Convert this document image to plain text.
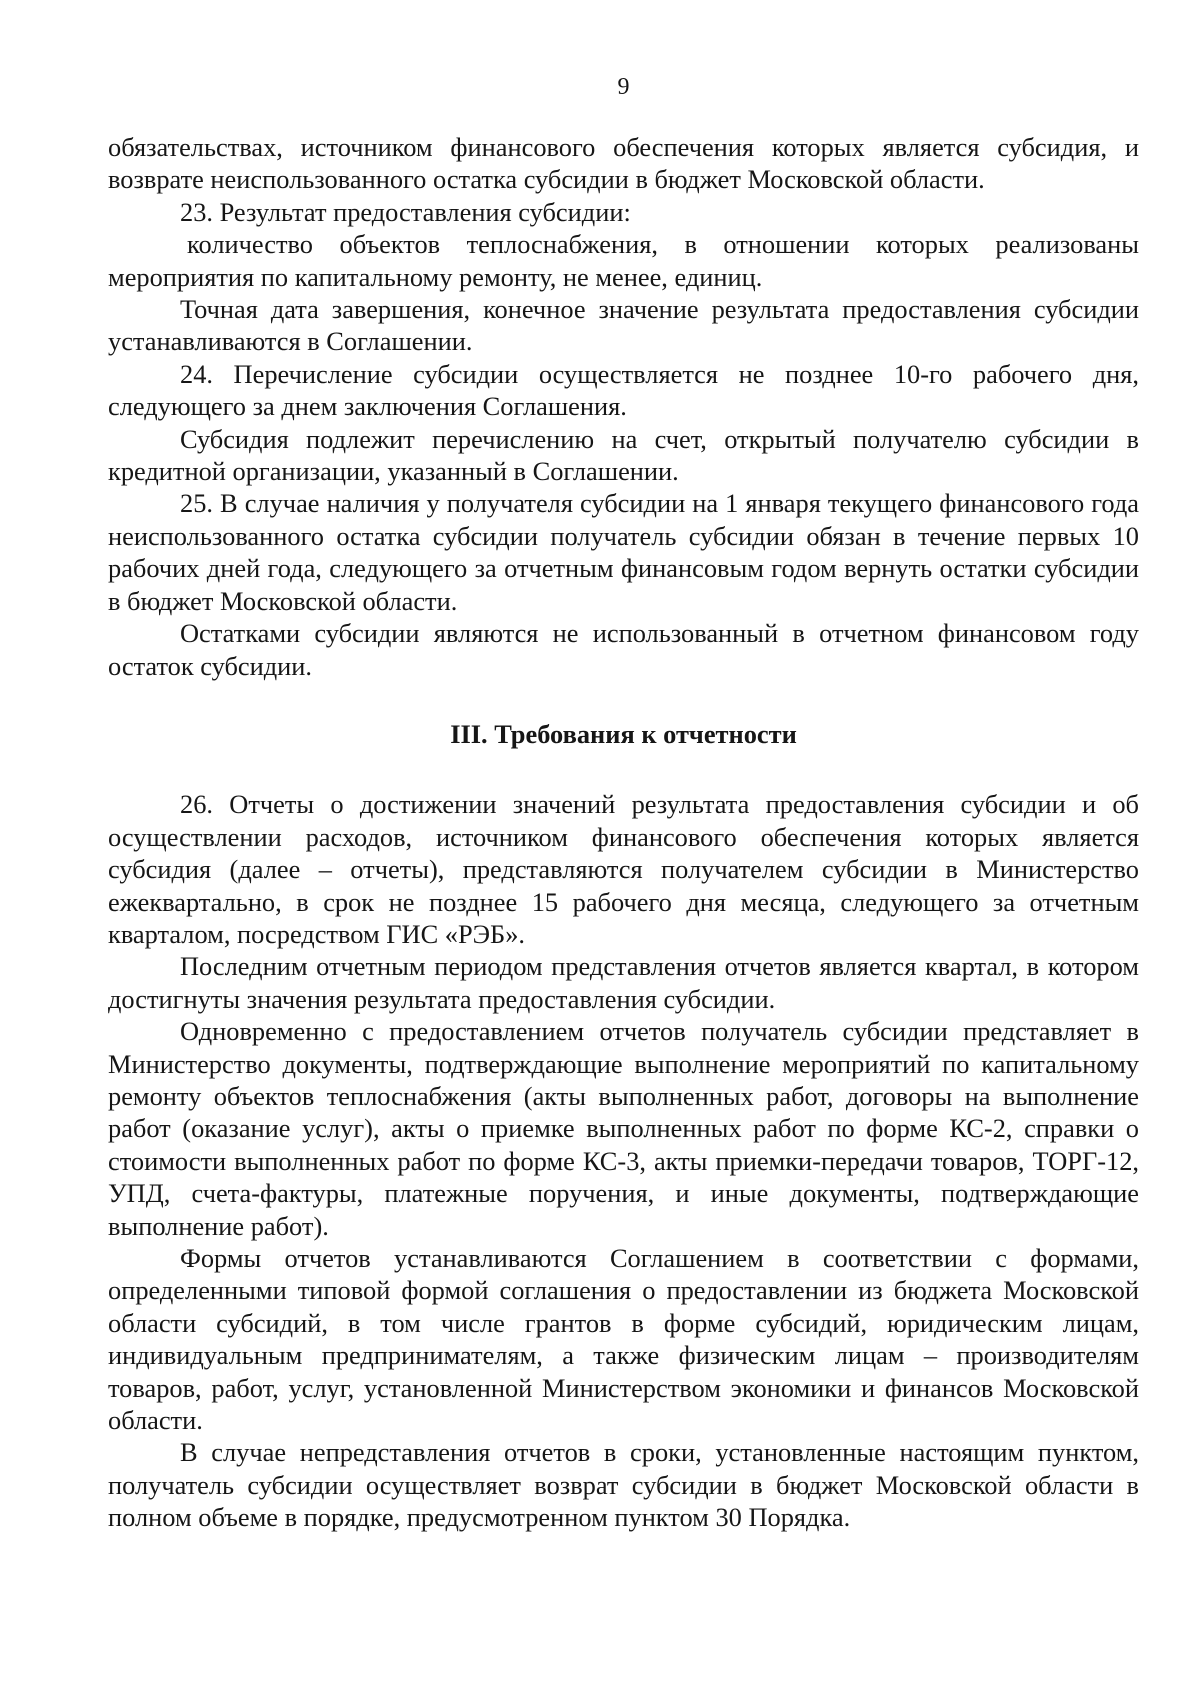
9

обязательствах, источником финансового обеспечения которых является субсидия, и возврате неиспользованного остатка субсидии в бюджет Московской области.

23. Результат предоставления субсидии:

количество объектов теплоснабжения, в отношении которых реализованы мероприятия по капитальному ремонту, не менее, единиц.

Точная дата завершения, конечное значение результата предоставления субсидии устанавливаются в Соглашении.

24. Перечисление субсидии осуществляется не позднее 10-го рабочего дня, следующего за днем заключения Соглашения.

Субсидия подлежит перечислению на счет, открытый получателю субсидии в кредитной организации, указанный в Соглашении.

25. В случае наличия у получателя субсидии на 1 января текущего финансового года неиспользованного остатка субсидии получатель субсидии обязан в течение первых 10 рабочих дней года, следующего за отчетным финансовым годом вернуть остатки субсидии в бюджет Московской области.

Остатками субсидии являются не использованный в отчетном финансовом году остаток субсидии.

III. Требования к отчетности

26. Отчеты о достижении значений результата предоставления субсидии и об осуществлении расходов, источником финансового обеспечения которых является субсидия (далее – отчеты), представляются получателем субсидии в Министерство ежеквартально, в срок не позднее 15 рабочего дня месяца, следующего за отчетным кварталом, посредством ГИС «РЭБ».

Последним отчетным периодом представления отчетов является квартал, в котором достигнуты значения результата предоставления субсидии.

Одновременно с предоставлением отчетов получатель субсидии представляет в Министерство документы, подтверждающие выполнение мероприятий по капитальному ремонту объектов теплоснабжения (акты выполненных работ, договоры на выполнение работ (оказание услуг), акты о приемке выполненных работ по форме КС-2, справки о стоимости выполненных работ по форме КС-3, акты приемки-передачи товаров, ТОРГ-12, УПД, счета-фактуры, платежные поручения, и иные документы, подтверждающие выполнение работ).

Формы отчетов устанавливаются Соглашением в соответствии с формами, определенными типовой формой соглашения о предоставлении из бюджета Московской области субсидий, в том числе грантов в форме субсидий, юридическим лицам, индивидуальным предпринимателям, а также физическим лицам – производителям товаров, работ, услуг, установленной Министерством экономики и финансов Московской области.

В случае непредставления отчетов в сроки, установленные настоящим пунктом, получатель субсидии осуществляет возврат субсидии в бюджет Московской области в полном объеме в порядке, предусмотренном пунктом 30 Порядка.
